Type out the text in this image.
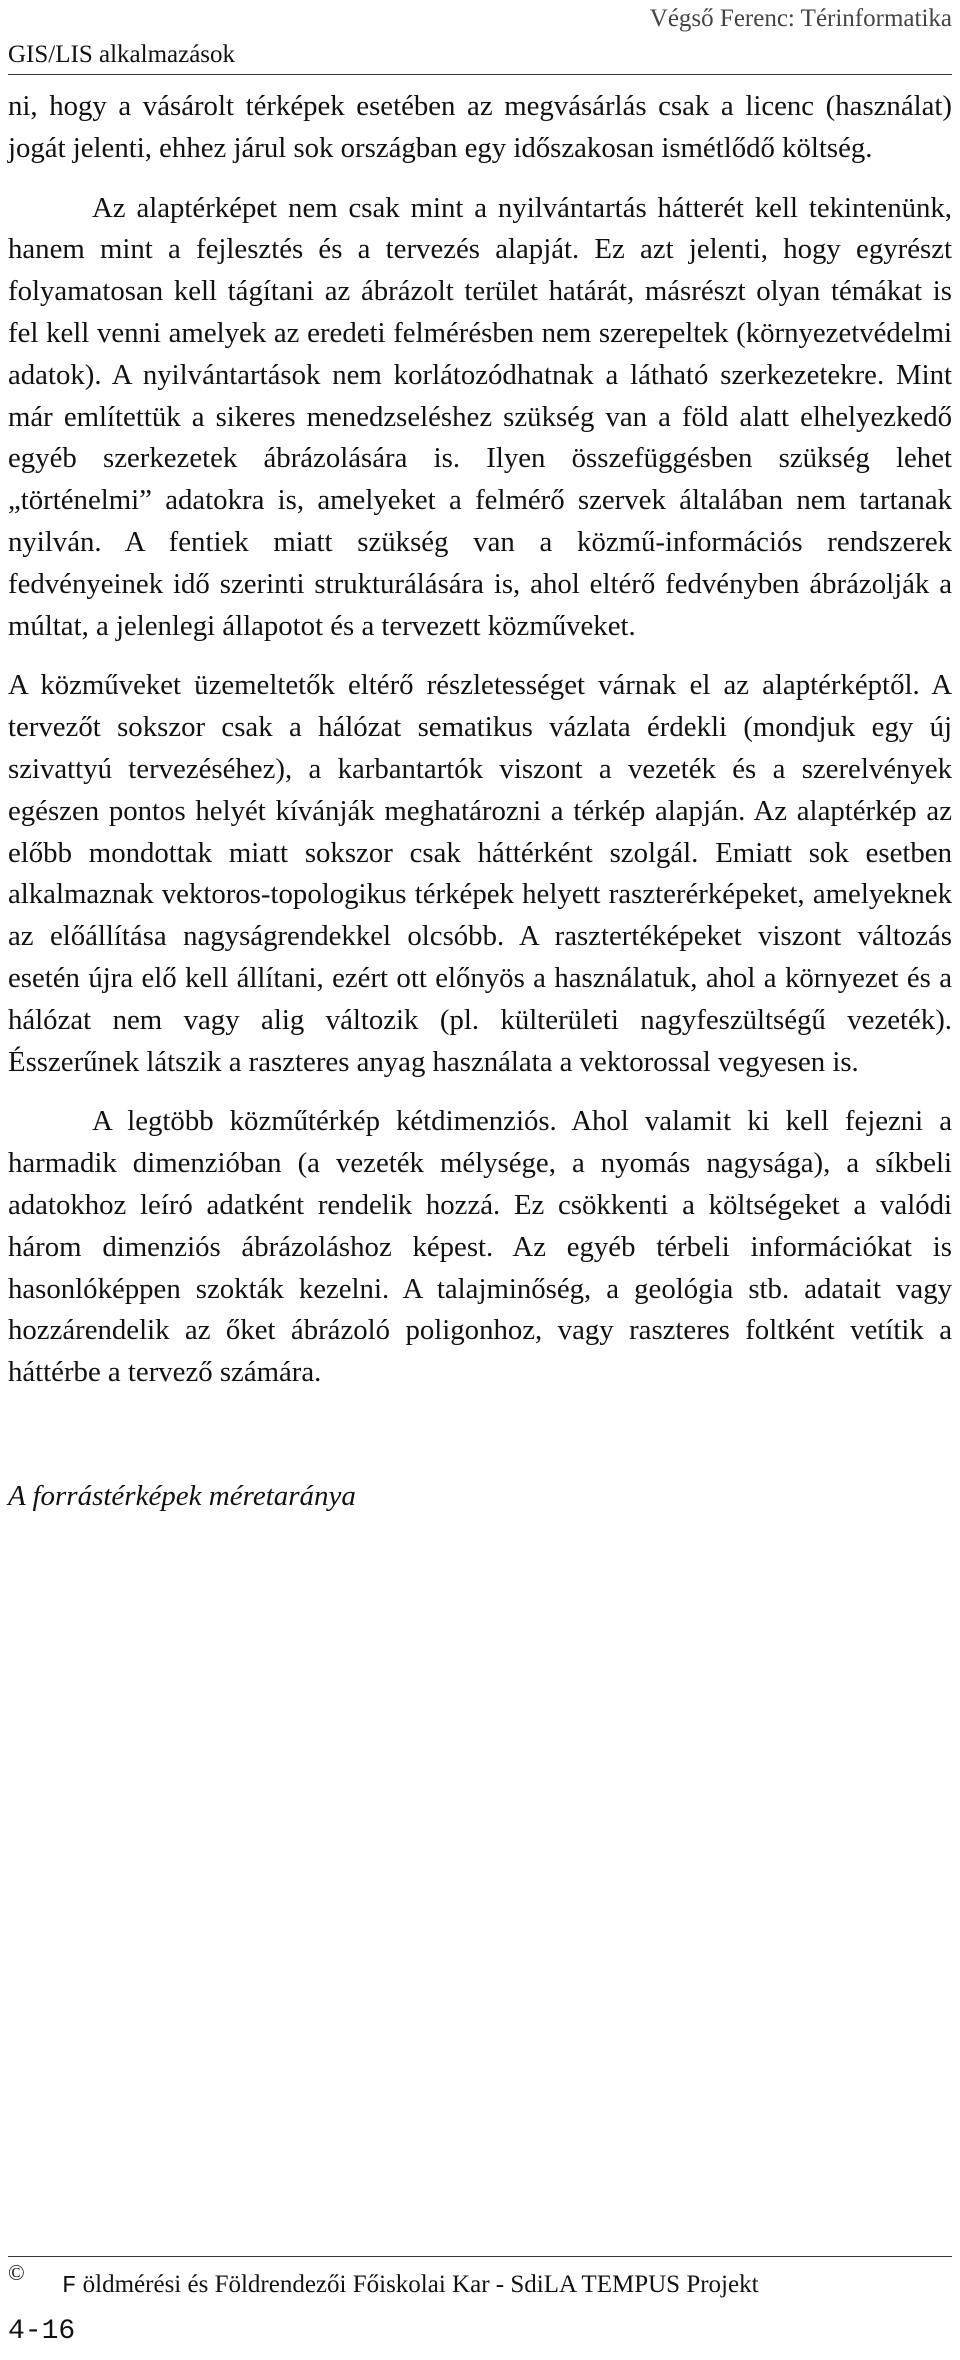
GIS/LIS alkalmazások
Végső Ferenc: Térinformatika

ni, hogy a vásárolt térképek esetében az megvásárlás csak a licenc (használat) jogát jelenti, ehhez járul sok országban egy időszakosan ismétlődő költség.

Az alaptérképet nem csak mint a nyilvántartás hátterét kell tekintenünk, hanem mint a fejlesztés és a tervezés alapját. Ez azt jelenti, hogy egyrészt folyamatosan kell tágítani az ábrázolt terület határát, másrészt olyan témákat is fel kell venni amelyek az eredeti felmérésben nem szerepeltek (környezetvédelmi adatok). A nyilvántartások nem korlátozódhatnak a látható szerkezetekre. Mint már említettük a sikeres menedzseléshez szükség van a föld alatt elhelyezkedő egyéb szerkezetek ábrázolására is. Ilyen összefüggésben szükség lehet „történelmi” adatokra is, amelyeket a felmérő szervek általában nem tartanak nyilván. A fentiek miatt szükség van a közmű-információs rendszerek fedvényeinek idő szerinti strukturálására is, ahol eltérő fedvényben ábrázolják a múltat, a jelenlegi állapotot és a tervezett közműveket.

A közműveket üzemeltetők eltérő részletességet várnak el az alaptérképtől. A tervezőt sokszor csak a hálózat sematikus vázlata érdekli (mondjuk egy új szivattyú tervezéséhez), a karbantartók viszont a vezeték és a szerelvények egészen pontos helyét kívánják meghatározni a térkép alapján. Az alaptérkép az előbb mondottak miatt sokszor csak háttérként szolgál. Emiatt sok esetben alkalmaznak vektoros-topologikus térképek helyett raszterérképeket, amelyeknek az előállítása nagyságrendekkel olcsóbb. A rasztertéképeket viszont változás esetén újra elő kell állítani, ezért ott előnyös a használatuk, ahol a környezet és a hálózat nem vagy alig változik (pl. külterületi nagyfeszültségű vezeték). Ésszerűnek látszik a raszteres anyag használata a vektorossal vegyesen is.

A legtöbb közműtérkép kétdimenziós. Ahol valamit ki kell fejezni a harmadik dimenzióban (a vezeték mélysége, a nyomás nagysága), a síkbeli adatokhoz leíró adatként rendelik hozzá. Ez csökkenti a költségeket a valódi három dimenziós ábrázoláshoz képest. Az egyéb térbeli információkat is hasonlóképpen szokták kezelni. A talajminőség, a geológia stb. adatait vagy hozzárendelik az őket ábrázoló poligonhoz, vagy raszteres foltként vetítik a háttérbe a tervező számára.

A forrástérképek méretaránya
©
F öldmérési és Földrendezői Főiskolai Kar - SdiLA TEMPUS Projekt
4-16
